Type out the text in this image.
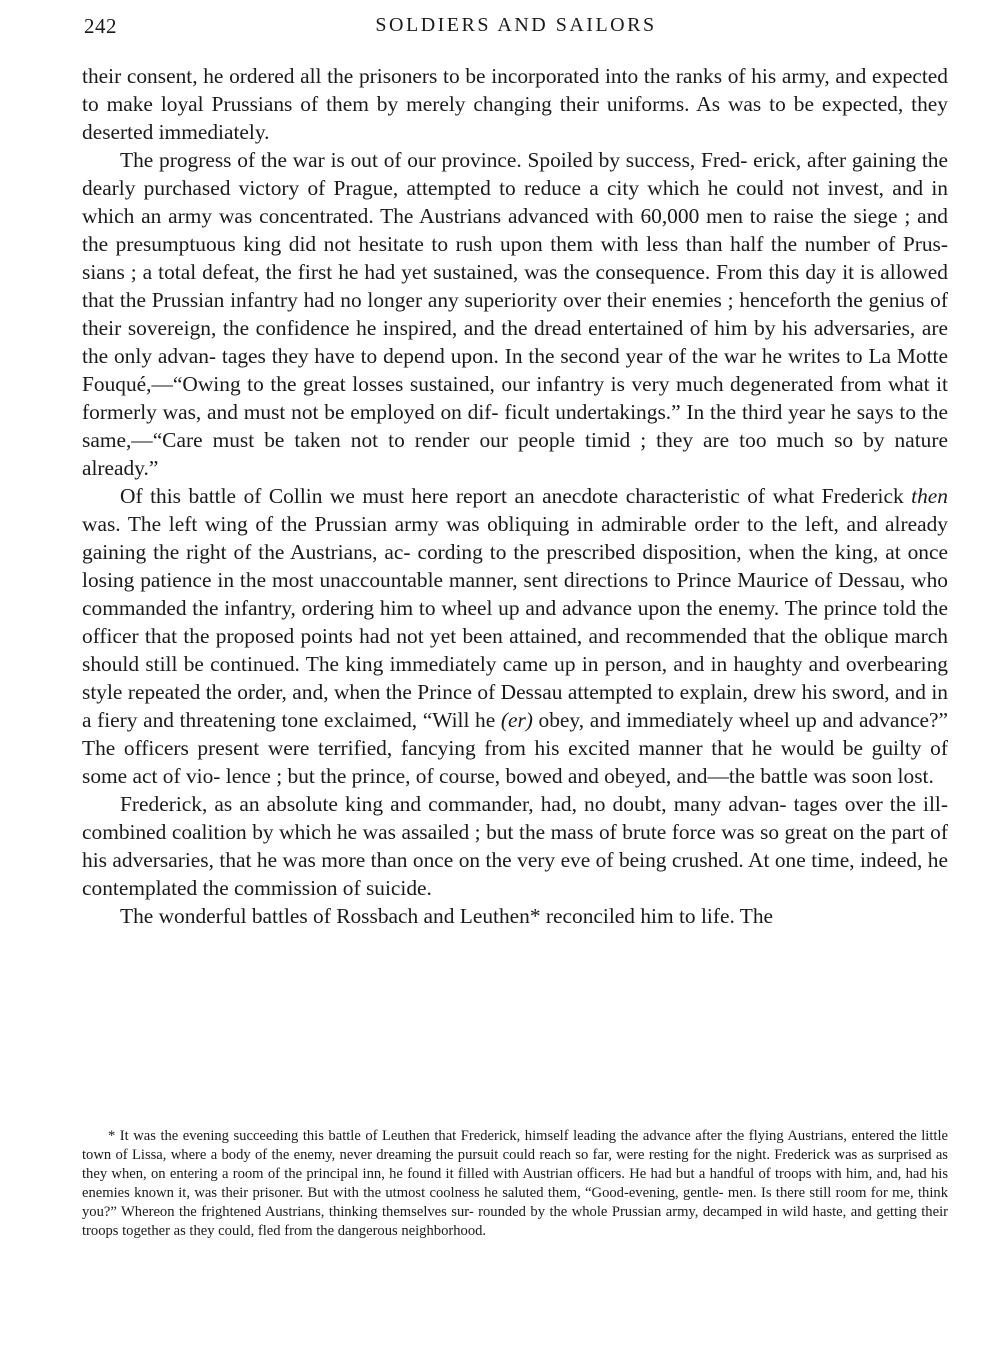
242	SOLDIERS AND SAILORS

their consent, he ordered all the prisoners to be incorporated into the ranks of his army, and expected to make loyal Prussians of them by merely changing their uniforms. As was to be expected, they deserted immediately.

The progress of the war is out of our province. Spoiled by success, Fred- erick, after gaining the dearly purchased victory of Prague, attempted to reduce a city which he could not invest, and in which an army was concentrated. The Austrians advanced with 60,000 men to raise the siege ; and the presumptuous king did not hesitate to rush upon them with less than half the number of Prus- sians ; a total defeat, the first he had yet sustained, was the consequence. From this day it is allowed that the Prussian infantry had no longer any superiority over their enemies ; henceforth the genius of their sovereign, the confidence he inspired, and the dread entertained of him by his adversaries, are the only advan- tages they have to depend upon. In the second year of the war he writes to La Motte Fouqué,—“Owing to the great losses sustained, our infantry is very much degenerated from what it formerly was, and must not be employed on dif- ficult undertakings.” In the third year he says to the same,—“Care must be taken not to render our people timid ; they are too much so by nature already.”

Of this battle of Collin we must here report an anecdote characteristic of what Frederick then was. The left wing of the Prussian army was obliquing in admirable order to the left, and already gaining the right of the Austrians, ac- cording to the prescribed disposition, when the king, at once losing patience in the most unaccountable manner, sent directions to Prince Maurice of Dessau, who commanded the infantry, ordering him to wheel up and advance upon the enemy. The prince told the officer that the proposed points had not yet been attained, and recommended that the oblique march should still be continued. The king immediately came up in person, and in haughty and overbearing style repeated the order, and, when the Prince of Dessau attempted to explain, drew his sword, and in a fiery and threatening tone exclaimed, “Will he (er) obey, and immediately wheel up and advance?” The officers present were terrified, fancying from his excited manner that he would be guilty of some act of vio- lence ; but the prince, of course, bowed and obeyed, and—the battle was soon lost.

Frederick, as an absolute king and commander, had, no doubt, many advan- tages over the ill-combined coalition by which he was assailed ; but the mass of brute force was so great on the part of his adversaries, that he was more than once on the very eve of being crushed. At one time, indeed, he contemplated the commission of suicide.

The wonderful battles of Rossbach and Leuthen* reconciled him to life. The

* It was the evening succeeding this battle of Leuthen that Frederick, himself leading the advance after the flying Austrians, entered the little town of Lissa, where a body of the enemy, never dreaming the pursuit could reach so far, were resting for the night. Frederick was as surprised as they when, on entering a room of the principal inn, he found it filled with Austrian officers. He had but a handful of troops with him, and, had his enemies known it, was their prisoner. But with the utmost coolness he saluted them, “Good-evening, gentle- men. Is there still room for me, think you?” Whereon the frightened Austrians, thinking themselves sur- rounded by the whole Prussian army, decamped in wild haste, and getting their troops together as they could, fled from the dangerous neighborhood.
